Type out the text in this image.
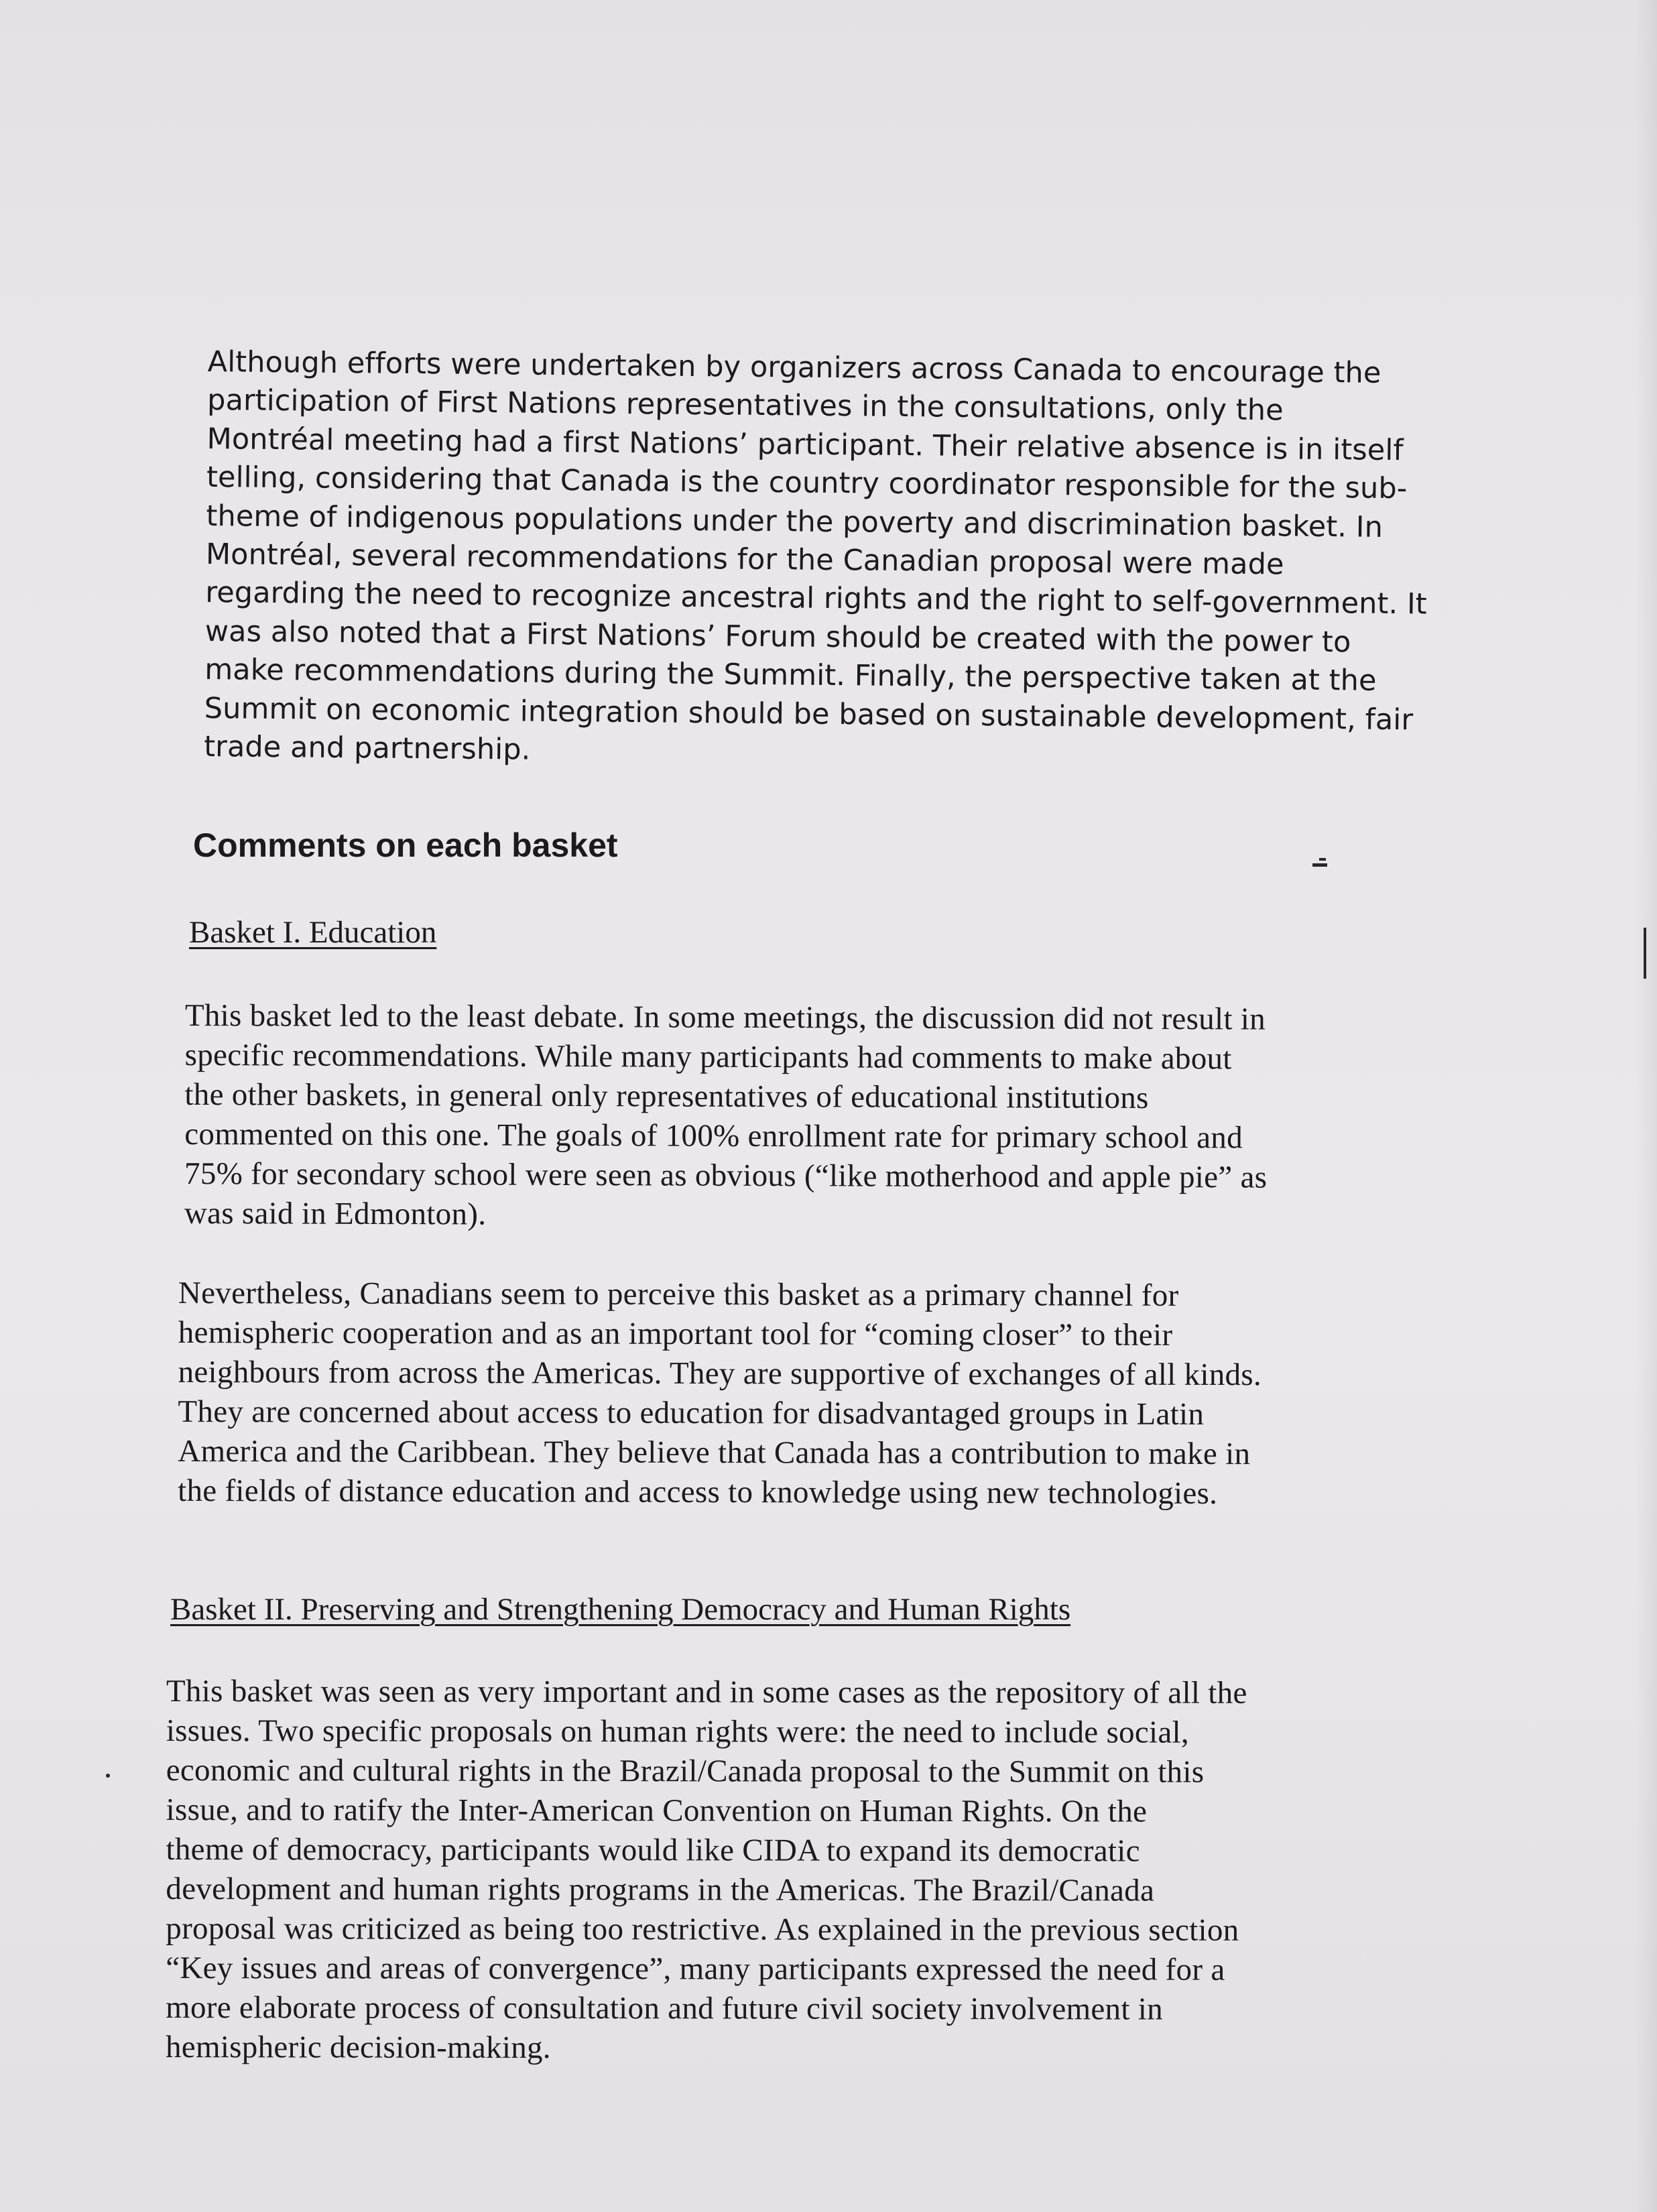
Although efforts were undertaken by organizers across Canada to encourage the
participation of First Nations representatives in the consultations, only the
Montréal meeting had a first Nations’ participant. Their relative absence is in itself
telling, considering that Canada is the country coordinator responsible for the sub-
theme of indigenous populations under the poverty and discrimination basket. In
Montréal, several recommendations for the Canadian proposal were made
regarding the need to recognize ancestral rights and the right to self-government. It
was also noted that a First Nations’ Forum should be created with the power to
make recommendations during the Summit. Finally, the perspective taken at the
Summit on economic integration should be based on sustainable development, fair
trade and partnership.
Comments on each basket
Basket I. Education
This basket led to the least debate. In some meetings, the discussion did not result in
specific recommendations. While many participants had comments to make about
the other baskets, in general only representatives of educational institutions
commented on this one. The goals of 100% enrollment rate for primary school and
75% for secondary school were seen as obvious (“like motherhood and apple pie” as
was said in Edmonton).
Nevertheless, Canadians seem to perceive this basket as a primary channel for
hemispheric cooperation and as an important tool for “coming closer” to their
neighbours from across the Americas. They are supportive of exchanges of all kinds.
They are concerned about access to education for disadvantaged groups in Latin
America and the Caribbean. They believe that Canada has a contribution to make in
the fields of distance education and access to knowledge using new technologies.
Basket II. Preserving and Strengthening Democracy and Human Rights
This basket was seen as very important and in some cases as the repository of all the
issues. Two specific proposals on human rights were: the need to include social,
economic and cultural rights in the Brazil/Canada proposal to the Summit on this
issue, and to ratify the Inter-American Convention on Human Rights. On the
theme of democracy, participants would like CIDA to expand its democratic
development and human rights programs in the Americas. The Brazil/Canada
proposal was criticized as being too restrictive. As explained in the previous section
“Key issues and areas of convergence”, many participants expressed the need for a
more elaborate process of consultation and future civil society involvement in
hemispheric decision-making.
